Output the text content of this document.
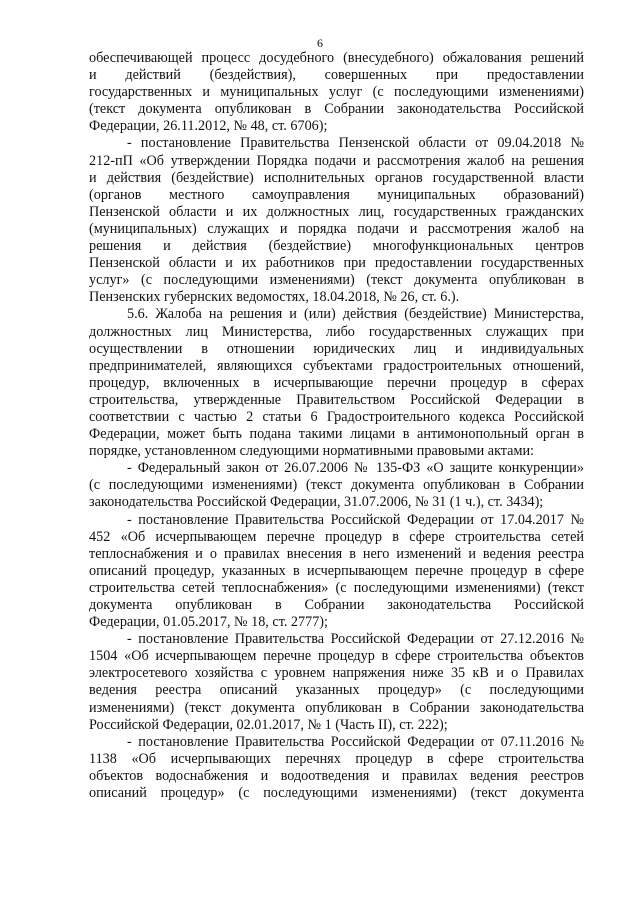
6
обеспечивающей процесс досудебного (внесудебного) обжалования решений
и действий (бездействия), совершенных при предоставлении
государственных и муниципальных услуг (с последующими изменениями)
(текст документа опубликован в Собрании законодательства Российской
Федерации, 26.11.2012, № 48, ст. 6706);
- постановление Правительства Пензенской области от 09.04.2018 №
212-пП «Об утверждении Порядка подачи и рассмотрения жалоб на решения
и действия (бездействие) исполнительных органов государственной власти
(органов местного самоуправления муниципальных образований)
Пензенской области и их должностных лиц, государственных гражданских
(муниципальных) служащих и порядка подачи и рассмотрения жалоб на
решения и действия (бездействие) многофункциональных центров
Пензенской области и их работников при предоставлении государственных
услуг» (с последующими изменениями) (текст документа опубликован в
Пензенских губернских ведомостях, 18.04.2018, № 26, ст. 6.).
5.6. Жалоба на решения и (или) действия (бездействие) Министерства,
должностных лиц Министерства, либо государственных служащих при
осуществлении в отношении юридических лиц и индивидуальных
предпринимателей, являющихся субъектами градостроительных отношений,
процедур, включенных в исчерпывающие перечни процедур в сферах
строительства, утвержденные Правительством Российской Федерации в
соответствии с частью 2 статьи 6 Градостроительного кодекса Российской
Федерации, может быть подана такими лицами в антимонопольный орган в
порядке, установленном следующими нормативными правовыми актами:
- Федеральный закон от 26.07.2006 № 135-ФЗ «О защите конкуренции»
(с последующими изменениями) (текст документа опубликован в Собрании
законодательства Российской Федерации, 31.07.2006, № 31 (1 ч.), ст. 3434);
- постановление Правительства Российской Федерации от 17.04.2017 №
452 «Об исчерпывающем перечне процедур в сфере строительства сетей
теплоснабжения и о правилах внесения в него изменений и ведения реестра
описаний процедур, указанных в исчерпывающем перечне процедур в сфере
строительства сетей теплоснабжения» (с последующими изменениями) (текст
документа опубликован в Собрании законодательства Российской
Федерации, 01.05.2017, № 18, ст. 2777);
- постановление Правительства Российской Федерации от 27.12.2016 №
1504 «Об исчерпывающем перечне процедур в сфере строительства объектов
электросетевого хозяйства с уровнем напряжения ниже 35 кВ и о Правилах
ведения реестра описаний указанных процедур» (с последующими
изменениями) (текст документа опубликован в Собрании законодательства
Российской Федерации, 02.01.2017, № 1 (Часть II), ст. 222);
- постановление Правительства Российской Федерации от 07.11.2016 №
1138 «Об исчерпывающих перечнях процедур в сфере строительства
объектов водоснабжения и водоотведения и правилах ведения реестров
описаний процедур» (с последующими изменениями) (текст документа
